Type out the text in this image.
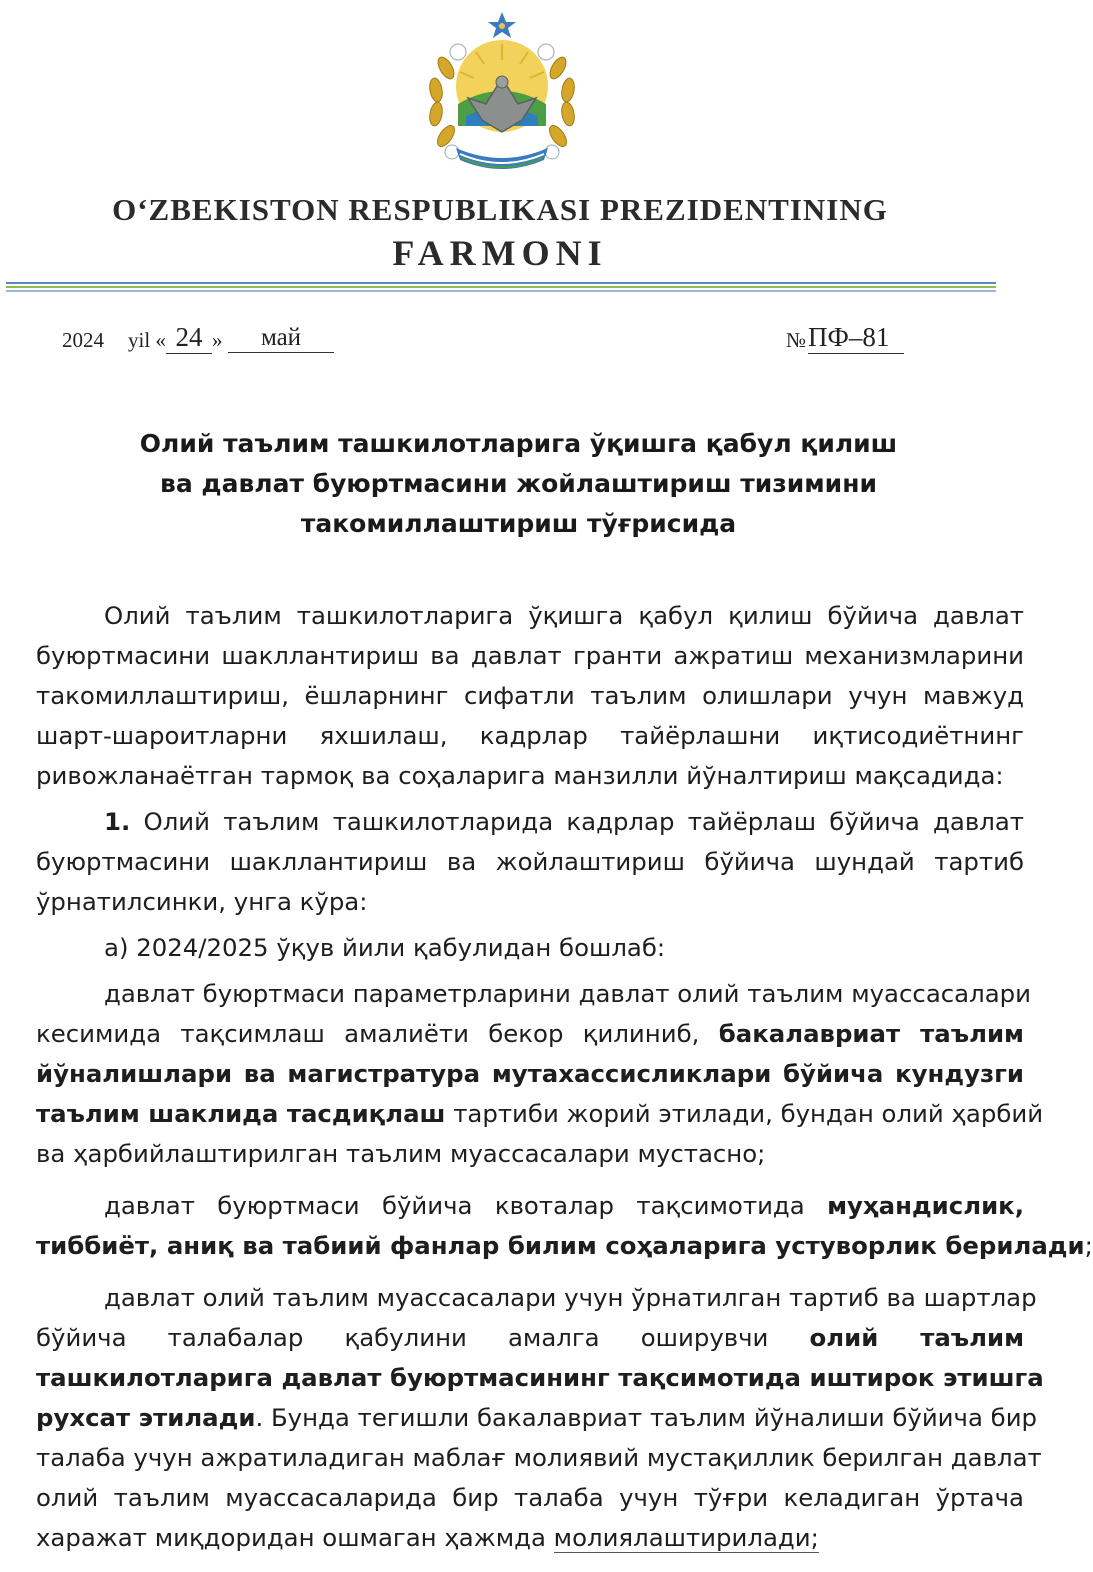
O‘ZBEKISTON RESPUBLIKASI PREZIDENTINING
FARMONI
2024 yil « 24 »	май	№ ПФ–81
Олий таълим ташкилотларига ўқишга қабул қилиш
ва давлат буюртмасини жойлаштириш тизимини
такомиллаштириш тўғрисида
Олий таълим ташкилотларига ўқишга қабул қилиш бўйича давлат
буюртмасини шакллантириш ва давлат гранти ажратиш механизмларини
такомиллаштириш, ёшларнинг сифатли таълим олишлари учун мавжуд
шарт-шароитларни яхшилаш, кадрлар тайёрлашни иқтисодиётнинг
ривожланаётган тармоқ ва соҳаларига манзилли йўналтириш мақсадида:
1. Олий таълим ташкилотларида кадрлар тайёрлаш бўйича давлат
буюртмасини шакллантириш ва жойлаштириш бўйича шундай тартиб
ўрнатилсинки, унга кўра:
а) 2024/2025 ўқув йили қабулидан бошлаб:
давлат буюртмаси параметрларини давлат олий таълим муассасалари
кесимида тақсимлаш амалиёти бекор қилиниб, бакалавриат таълим
йўналишлари ва магистратура мутахассисликлари бўйича кундузги
таълим шаклида тасдиқлаш тартиби жорий этилади, бундан олий ҳарбий
ва ҳарбийлаштирилган таълим муассасалари мустасно;
давлат буюртмаси бўйича квоталар тақсимотида муҳандислик,
тиббиёт, аниқ ва табиий фанлар билим соҳаларига устуворлик берилади;
давлат олий таълим муассасалари учун ўрнатилган тартиб ва шартлар
бўйича талабалар қабулини амалга оширувчи олий таълим
ташкилотларига давлат буюртмасининг тақсимотида иштирок этишга
рухсат этилади. Бунда тегишли бакалавриат таълим йўналиши бўйича бир
талаба учун ажратиладиган маблағ молиявий мустақиллик берилган давлат
олий таълим муассасаларида бир талаба учун тўғри келадиган ўртача
харажат миқдоридан ошмаган ҳажмда молиялаштирилади;
